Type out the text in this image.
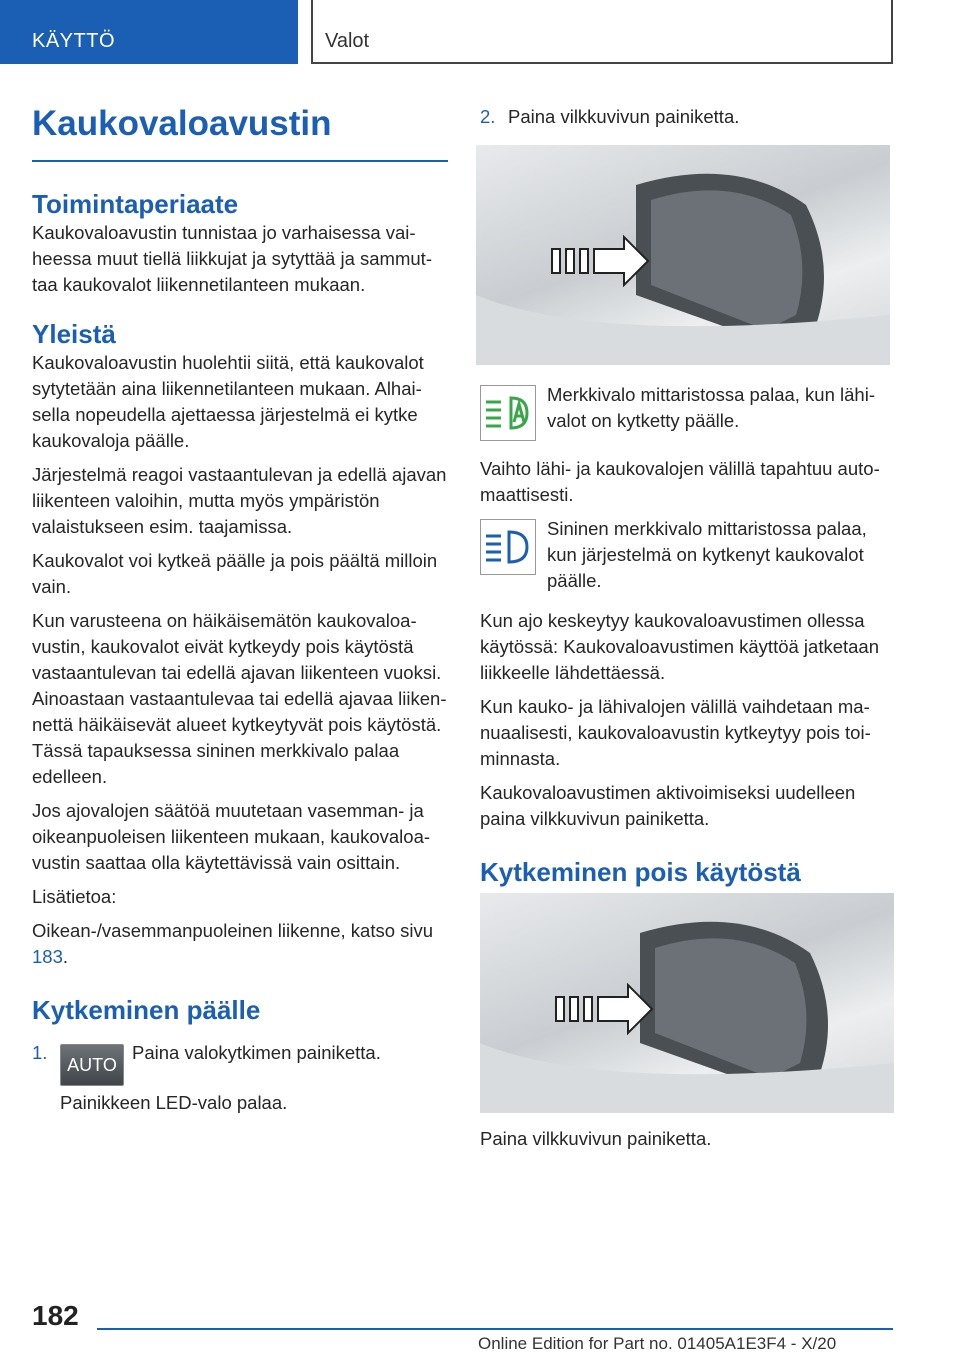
KÄYTTÖ	Valot
Kaukovaloavustin
Toimintaperiaate

Kaukovaloavustin tunnistaa jo varhaisessa vaiheessa muut tiellä liikkujat ja sytyttää ja sammuttaa kaukovalot liikennetilanteen mukaan.

Yleistä

Kaukovaloavustin huolehtii siitä, että kaukovalot sytytetään aina liikennetilanteen mukaan. Alhaisella nopeudella ajettaessa järjestelmä ei kytke kaukovaloja päälle.

Järjestelmä reagoi vastaantulevan ja edellä ajavan liikenteen valoihin, mutta myös ympäristön valaistukseen esim. taajamissa.

Kaukovalot voi kytkeä päälle ja pois päältä milloin vain.

Kun varusteena on häikäisemätön kaukovaloavustin, kaukovalot eivät kytkeydy pois käytöstä vastaantulevan tai edellä ajavan liikenteen vuoksi. Ainoastaan vastaantulevaa tai edellä ajavaa liikennettä häikäisevät alueet kytkeytyvät pois käytöstä. Tässä tapauksessa sininen merkkivalo palaa edelleen.

Jos ajovalojen säätöä muutetaan vasemman- ja oikeanpuoleisen liikenteen mukaan, kaukovaloavustin saattaa olla käytettävissä vain osittain.

Lisätietoa:

Oikean-/vasemmanpuoleinen liikenne, katso sivu 183.

Kytkeminen päälle

1.AUTOPaina valokytkimen painiketta.

Painikkeen LED-valo palaa.

2. Paina vilkkuvivun painiketta.

Merkkivalo mittaristossa palaa, kun lähivalot on kytketty päälle.

Vaihto lähi- ja kaukovalojen välillä tapahtuu automaattisesti.

Sininen merkkivalo mittaristossa palaa, kun järjestelmä on kytkenyt kaukovalot päälle.

Kun ajo keskeytyy kaukovaloavustimen ollessa käytössä: Kaukovaloavustimen käyttöä jatketaan liikkeelle lähdettäessä.

Kun kauko- ja lähivalojen välillä vaihdetaan manuaalisesti, kaukovaloavustin kytkeytyy pois toiminnasta.

Kaukovaloavustimen aktivoimiseksi uudelleen paina vilkkuvivun painiketta.

Kytkeminen pois käytöstä

Paina vilkkuvivun painiketta.

182
Online Edition for Part no. 01405A1E3F4 - X/20
